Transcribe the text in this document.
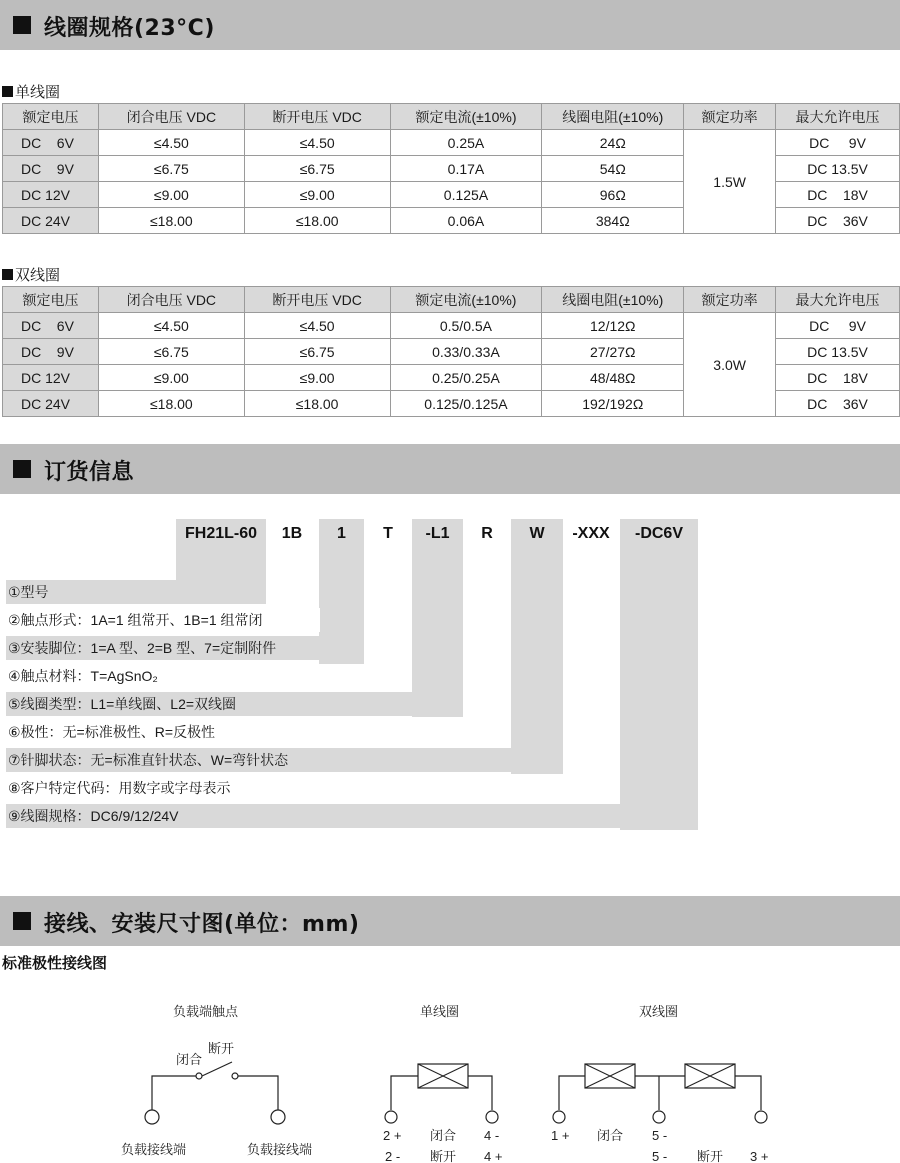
线圈规格(23°C)
单线圈
额定电压	闭合电压 VDC	断开电压 VDC	额定电流(±10%)	线圈电阻(±10%)	额定功率	最大允许电压
DC    6V	≤4.50	≤4.50	0.25A	24Ω	1.5W	DC     9V
DC    9V	≤6.75	≤6.75	0.17A	54Ω		DC 13.5V
DC 12V	≤9.00	≤9.00	0.125A	96Ω		DC    18V
DC 24V	≤18.00	≤18.00	0.06A	384Ω		DC    36V
双线圈
额定电压	闭合电压 VDC	断开电压 VDC	额定电流(±10%)	线圈电阻(±10%)	额定功率	最大允许电压
DC    6V	≤4.50	≤4.50	0.5/0.5A	12/12Ω	3.0W	DC     9V
DC    9V	≤6.75	≤6.75	0.33/0.33A	27/27Ω		DC 13.5V
DC 12V	≤9.00	≤9.00	0.25/0.25A	48/48Ω		DC    18V
DC 24V	≤18.00	≤18.00	0.125/0.125A	192/192Ω		DC    36V
订货信息
FH21L-60	1B	1	T	-L1	R	W	-XXX	-DC6V
①型号
②触点形式：1A=1 组常开、1B=1 组常闭
③安装脚位：1=A 型、2=B 型、7=定制附件
④触点材料：T=AgSnO₂
⑤线圈类型：L1=单线圈、L2=双线圈
⑥极性：无=标准极性、R=反极性
⑦针脚状态：无=标准直针状态、W=弯针状态
⑧客户特定代码：用数字或字母表示
⑨线圈规格：DC6/9/12/24V
接线、安装尺寸图(单位：mm)
标准极性接线图
负载端触点
闭合
断开
负载接线端	负载接线端
单线圈
2 + 闭合 4 -
2 - 断开 4 +
双线圈
1 + 闭合 5 -
5 - 断开 3 +
